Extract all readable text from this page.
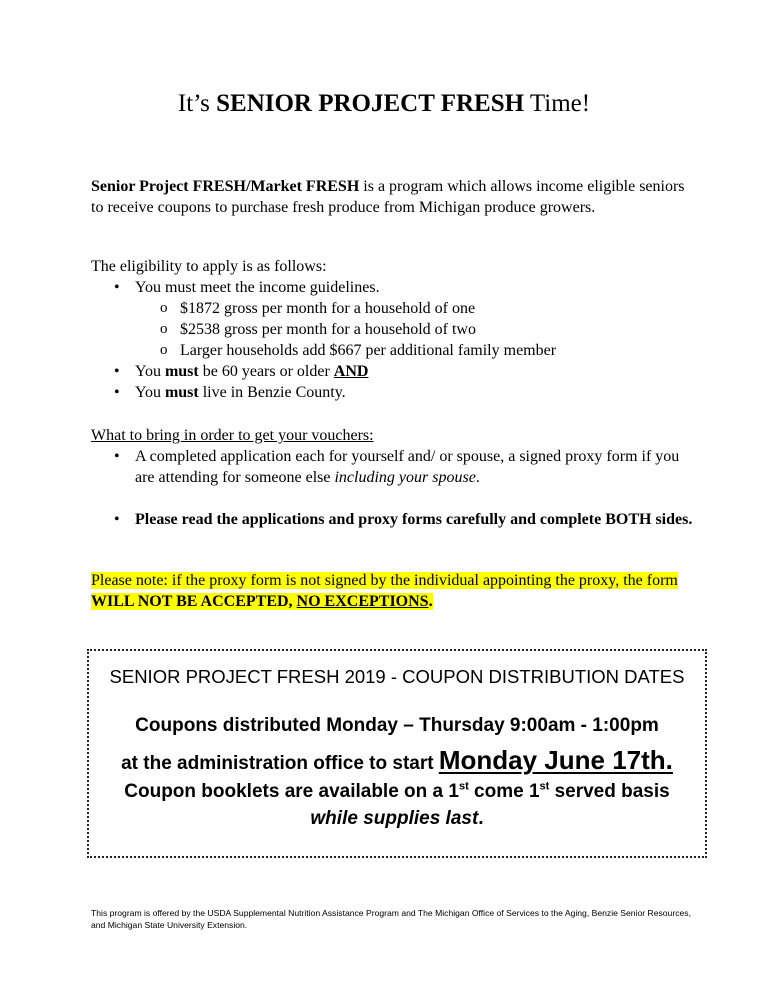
It’s SENIOR PROJECT FRESH Time!
Senior Project FRESH/Market FRESH is a program which allows income eligible seniors to receive coupons to purchase fresh produce from Michigan produce growers.
The eligibility to apply is as follows:
• You must meet the income guidelines.
o $1872 gross per month for a household of one
o $2538 gross per month for a household of two
o Larger households add $667 per additional family member
• You must be 60 years or older AND
• You must live in Benzie County.
What to bring in order to get your vouchers:
• A completed application each for yourself and/ or spouse, a signed proxy form if you are attending for someone else including your spouse.
• Please read the applications and proxy forms carefully and complete BOTH sides.
Please note: if the proxy form is not signed by the individual appointing the proxy, the form WILL NOT BE ACCEPTED, NO EXCEPTIONS.
SENIOR PROJECT FRESH 2019 - COUPON DISTRIBUTION DATES
Coupons distributed Monday – Thursday 9:00am - 1:00pm
at the administration office to start Monday June 17th.
Coupon booklets are available on a 1st come 1st served basis
while supplies last.
This program is offered by the USDA Supplemental Nutrition Assistance Program and The Michigan Office of Services to the Aging, Benzie Senior Resources, and Michigan State University Extension.
